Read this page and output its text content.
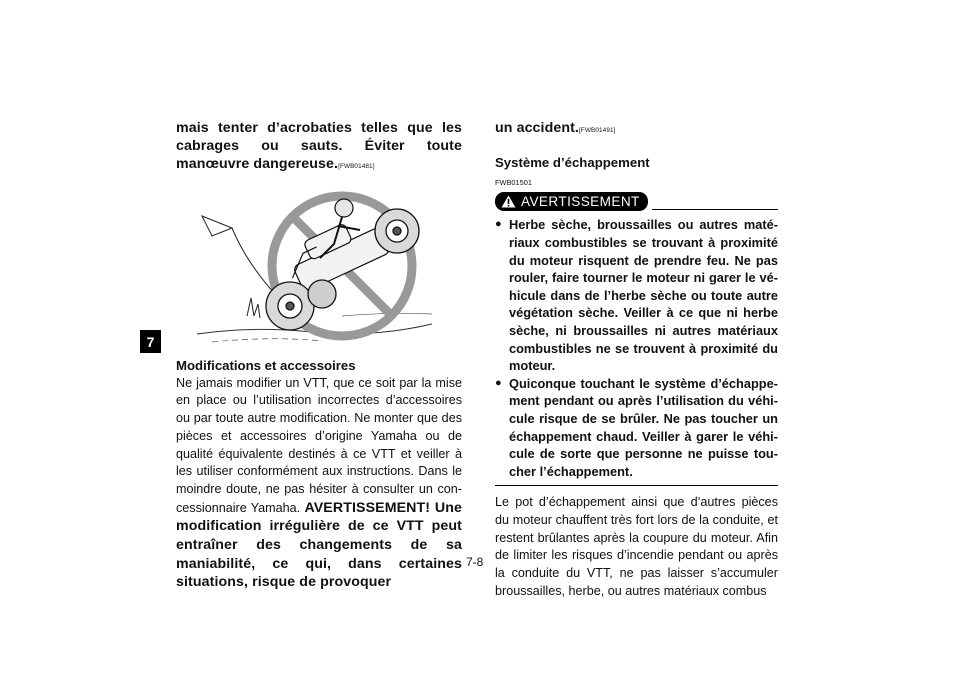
7
mais tenter d’acrobaties telles que les cabrages ou sauts. Éviter toute manœuvre dangereuse.[FWB01481]

Modifications et accessoires

Ne jamais modifier un VTT, que ce soit par la mise en place ou l’utilisation incorrectes d’accessoires ou par toute autre modification. Ne monter que des pièces et accessoires d’origine Yamaha ou de qualité équivalente destinés à ce VTT et veiller à les utiliser conformément aux instructions. Dans le moindre doute, ne pas hésiter à consulter un concessionnaire Yamaha. AVERTISSEMENT! Une modification irrégulière de ce VTT peut entraîner des changements de sa maniabilité, ce qui, dans certaines situations, risque de provoquer
un accident.[FWB01491]

Système d’échappement

FWB01501
AVERTISSEMENT
● Herbe sèche, broussailles ou autres matériaux combustibles se trouvant à proximité du moteur risquent de prendre feu. Ne pas rouler, faire tourner le moteur ni garer le véhicule dans de l’herbe sèche ou toute autre végétation sèche. Veiller à ce que ni herbe sèche, ni broussailles ni autres matériaux combustibles ne se trouvent à proximité du moteur.
● Quiconque touchant le système d’échappement pendant ou après l’utilisation du véhicule risque de se brûler. Ne pas toucher un échappement chaud. Veiller à garer le véhicule de sorte que personne ne puisse toucher l’échappement.
Le pot d’échappement ainsi que d’autres pièces du moteur chauffent très fort lors de la conduite, et restent brûlantes après la coupure du moteur. Afin de limiter les risques d’incendie pendant ou après la conduite du VTT, ne pas laisser s’accumuler broussailles, herbe, ou autres matériaux combus
7-8
